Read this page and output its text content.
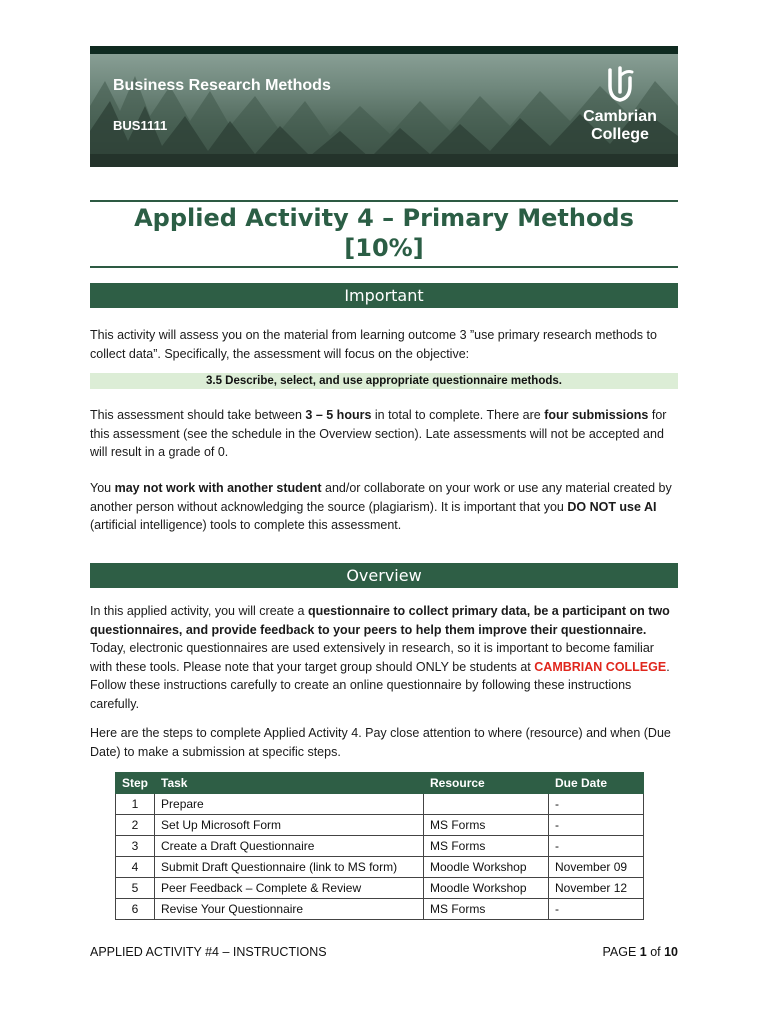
Business Research Methods
BUS1111
Cambrian
College
Applied Activity 4 – Primary Methods
[10%]
Important
This activity will assess you on the material from learning outcome 3 ”use primary research methods to collect data”. Specifically, the assessment will focus on the objective:
3.5 Describe, select, and use appropriate questionnaire methods.
This assessment should take between 3 – 5 hours in total to complete. There are four submissions for this assessment (see the schedule in the Overview section). Late assessments will not be accepted and will result in a grade of 0.
You may not work with another student and/or collaborate on your work or use any material created by another person without acknowledging the source (plagiarism). It is important that you DO NOT use AI (artificial intelligence) tools to complete this assessment.
Overview
In this applied activity, you will create a questionnaire to collect primary data, be a participant on two questionnaires, and provide feedback to your peers to help them improve their questionnaire. Today, electronic questionnaires are used extensively in research, so it is important to become familiar with these tools. Please note that your target group should ONLY be students at CAMBRIAN COLLEGE. Follow these instructions carefully to create an online questionnaire by following these instructions carefully.
Here are the steps to complete Applied Activity 4. Pay close attention to where (resource) and when (Due Date) to make a submission at specific steps.
Step	Task	Resource	Due Date
1	Prepare		-
2	Set Up Microsoft Form	MS Forms	-
3	Create a Draft Questionnaire	MS Forms	-
4	Submit Draft Questionnaire (link to MS form)	Moodle Workshop	November 09
5	Peer Feedback – Complete & Review	Moodle Workshop	November 12
6	Revise Your Questionnaire	MS Forms	-
APPLIED ACTIVITY #4 – INSTRUCTIONS	PAGE 1 of 10
